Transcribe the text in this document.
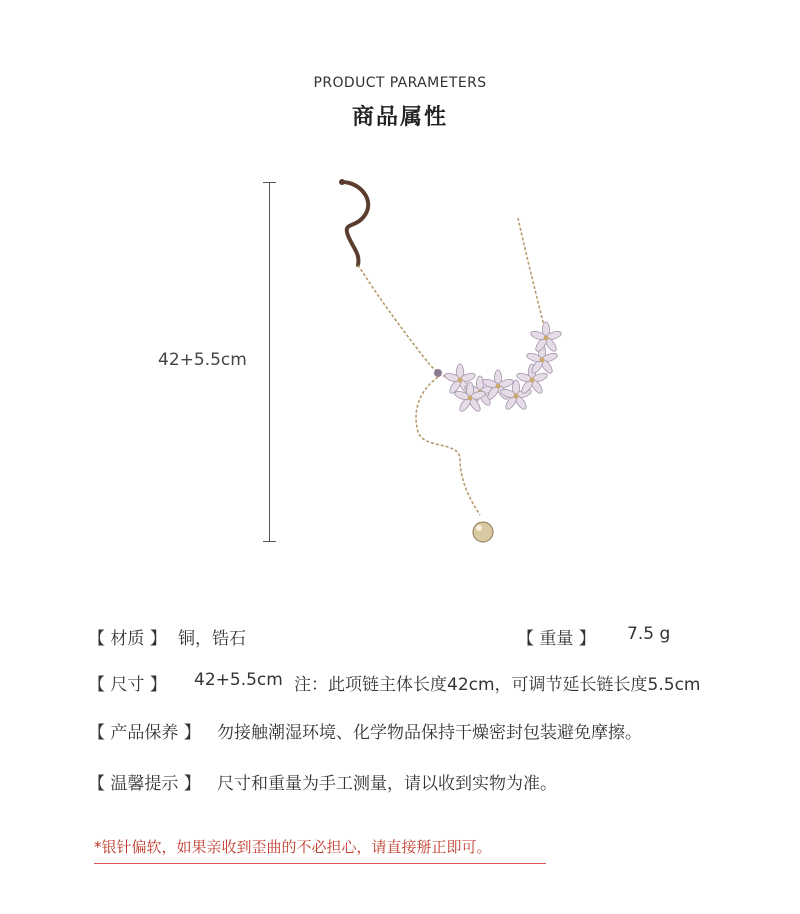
PRODUCT PARAMETERS
商品属性
42+5.5cm
【 材质 】 铜，锆石	【 重量 】 7.5 g
【 尺寸 】 42+5.5cm 注：此项链主体长度42cm，可调节延长链长度5.5cm
【 产品保养 】 勿接触潮湿环境、化学物品保持干燥密封包装避免摩擦。
【 温馨提示 】 尺寸和重量为手工测量，请以收到实物为准。
*银针偏软，如果亲收到歪曲的不必担心，请直接掰正即可。
